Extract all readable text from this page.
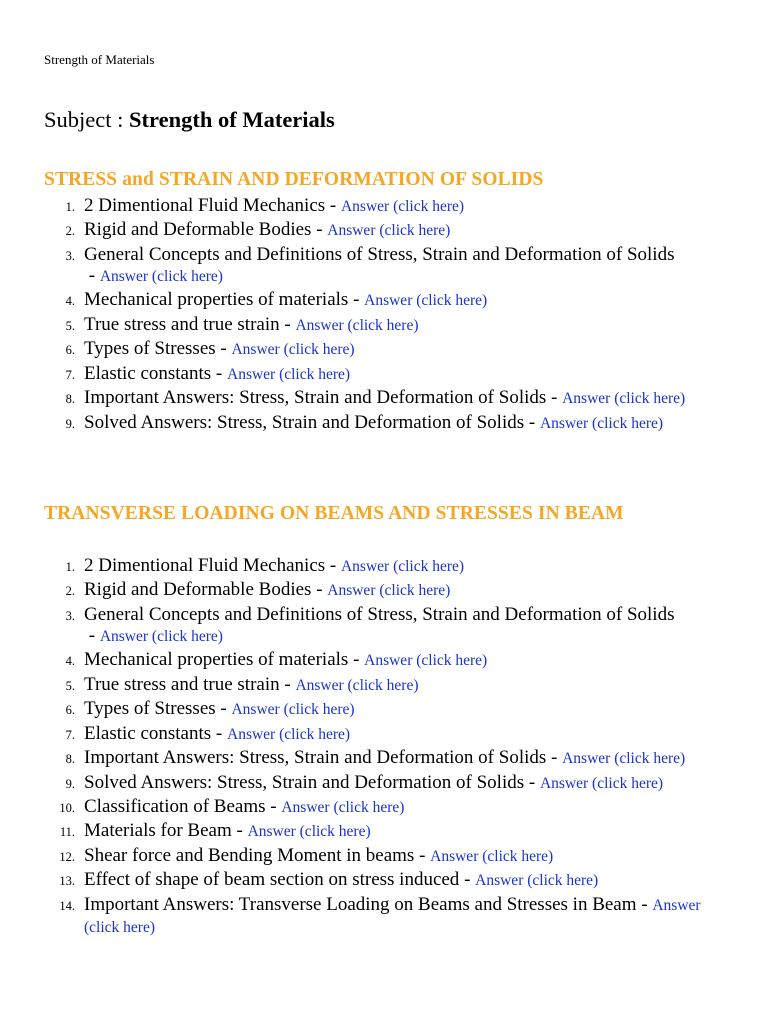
Strength of Materials
Subject : Strength of Materials
STRESS and STRAIN AND DEFORMATION OF SOLIDS
1. 2 Dimentional Fluid Mechanics - Answer (click here)
2. Rigid and Deformable Bodies - Answer (click here)
3. General Concepts and Definitions of Stress, Strain and Deformation of Solids - Answer (click here)
4. Mechanical properties of materials - Answer (click here)
5. True stress and true strain - Answer (click here)
6. Types of Stresses - Answer (click here)
7. Elastic constants - Answer (click here)
8. Important Answers: Stress, Strain and Deformation of Solids - Answer (click here)
9. Solved Answers: Stress, Strain and Deformation of Solids - Answer (click here)
TRANSVERSE LOADING ON BEAMS AND STRESSES IN BEAM
1. 2 Dimentional Fluid Mechanics - Answer (click here)
2. Rigid and Deformable Bodies - Answer (click here)
3. General Concepts and Definitions of Stress, Strain and Deformation of Solids - Answer (click here)
4. Mechanical properties of materials - Answer (click here)
5. True stress and true strain - Answer (click here)
6. Types of Stresses - Answer (click here)
7. Elastic constants - Answer (click here)
8. Important Answers: Stress, Strain and Deformation of Solids - Answer (click here)
9. Solved Answers: Stress, Strain and Deformation of Solids - Answer (click here)
10. Classification of Beams - Answer (click here)
11. Materials for Beam - Answer (click here)
12. Shear force and Bending Moment in beams - Answer (click here)
13. Effect of shape of beam section on stress induced - Answer (click here)
14. Important Answers: Transverse Loading on Beams and Stresses in Beam - Answer (click here)
